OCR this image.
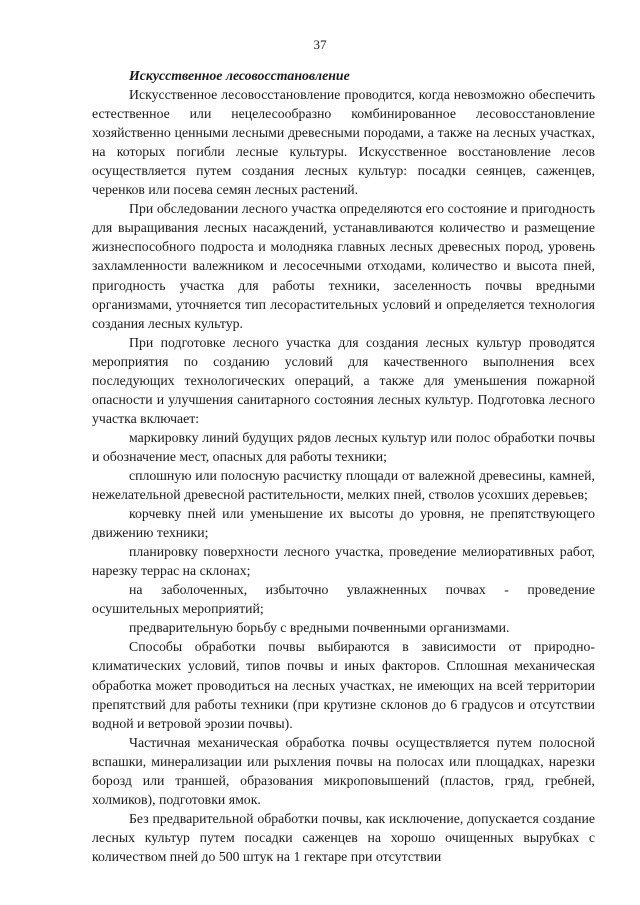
37

Искусственное лесовосстановление

Искусственное лесовосстановление проводится, когда невозможно обеспечить естественное или нецелесообразно комбинированное лесовосстановление хозяйственно ценными лесными древесными породами, а также на лесных участках, на которых погибли лесные культуры. Искусственное восстановление лесов осуществляется путем создания лесных культур: посадки сеянцев, саженцев, черенков или посева семян лесных растений.

При обследовании лесного участка определяются его состояние и пригодность для выращивания лесных насаждений, устанавливаются количество и размещение жизнеспособного подроста и молодняка главных лесных древесных пород, уровень захламленности валежником и лесосечными отходами, количество и высота пней, пригодность участка для работы техники, заселенность почвы вредными организмами, уточняется тип лесорастительных условий и определяется технология создания лесных культур.

При подготовке лесного участка для создания лесных культур проводятся мероприятия по созданию условий для качественного выполнения всех последующих технологических операций, а также для уменьшения пожарной опасности и улучшения санитарного состояния лесных культур. Подготовка лесного участка включает:

маркировку линий будущих рядов лесных культур или полос обработки почвы и обозначение мест, опасных для работы техники;

сплошную или полосную расчистку площади от валежной древесины, камней, нежелательной древесной растительности, мелких пней, стволов усохших деревьев;

корчевку пней или уменьшение их высоты до уровня, не препятствующего движению техники;

планировку поверхности лесного участка, проведение мелиоративных работ, нарезку террас на склонах;

на заболоченных, избыточно увлажненных почвах - проведение осушительных мероприятий;

предварительную борьбу с вредными почвенными организмами.

Способы обработки почвы выбираются в зависимости от природно-климатических условий, типов почвы и иных факторов. Сплошная механическая обработка может проводиться на лесных участках, не имеющих на всей территории препятствий для работы техники (при крутизне склонов до 6 градусов и отсутствии водной и ветровой эрозии почвы).

Частичная механическая обработка почвы осуществляется путем полосной вспашки, минерализации или рыхления почвы на полосах или площадках, нарезки борозд или траншей, образования микроповышений (пластов, гряд, гребней, холмиков), подготовки ямок.

Без предварительной обработки почвы, как исключение, допускается создание лесных культур путем посадки саженцев на хорошо очищенных вырубках с количеством пней до 500 штук на 1 гектаре при отсутствии
